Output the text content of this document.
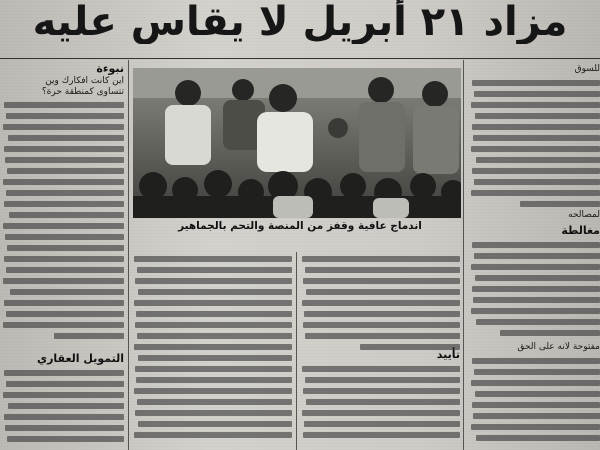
مزاد ٢١ أبريل لا يقاس عليه
نبوءة
أين كانت أفكارك وين
تتساوى كمنطقة حرة؟
التمويل العقاري
للسوق
لمصالحه
مغالطة
مفتوحة لأنه على الحق
اندماج عافية وقفز من المنصة والتحم بالجماهير
تأييد
